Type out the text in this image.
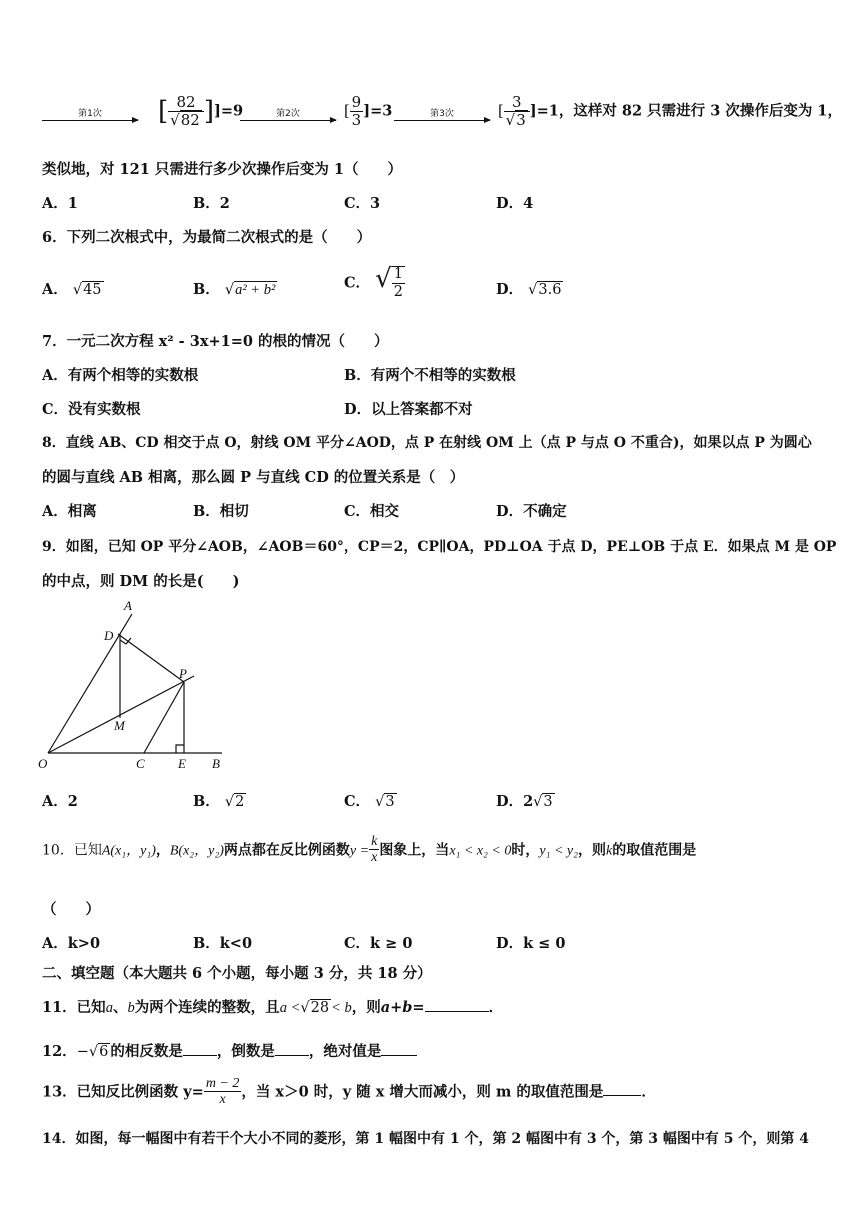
第1次	[ $\frac{82}{√82} ]]=9$	第2次	[ $\frac{9}{3} ]=3$	第3次	[ $\frac{3}{√3} ]=1$，这样对 82 只需进行 3 次操作后变为 1，
类似地，对 121 只需进行多少次操作后变为 1（　　）
A．1	B．2	C．3	D．4
6．下列二次根式中，为最简二次根式的是（　　）
A． √45	B． √a² + b²	C． √ $\frac{1}{2}$	D． √3.6
7．一元二次方程 x² - 3x+1=0 的根的情况（　　）
A．有两个相等的实数根	B．有两个不相等的实数根
C．没有实数根	D．以上答案都不对
8．直线 AB、CD 相交于点 O，射线 OM 平分∠AOD，点 P 在射线 OM 上（点 P 与点 O 不重合)，如果以点 P 为圆心
的圆与直线 AB 相离，那么圆 P 与直线 CD 的位置关系是（　）
A．相离	B．相切	C．相交	D．不确定
9．如图，已知 OP 平分∠AOB，∠AOB＝60°，CP＝2，CP∥OA，PD⊥OA 于点 D，PE⊥OB 于点 E．如果点 M 是 OP
的中点，则 DM 的长是(　　)
A
D
P
M
O	C	E B
A．2	B． √2	C． √3	D．2√3
10．已知A(x₁，y₁)，B(x₂，y₂)两点都在反比例函数$y = \frac{k}{x}$ 图象上，当x₁ < x₂ < 0时，y₁ < y₂，则k的取值范围是
（　　）
A．k>0	B．k<0	C．k ≥ 0	D．k ≤ 0
二、填空题（本大题共 6 个小题，每小题 3 分，共 18 分）
11．已知a、b为两个连续的整数，且a <√28 < b，则a+b=	．
12．−√6 的相反数是 ，倒数是 ，绝对值是
13．已知反比例函数 $y= \frac{m - 2}{x}$ ，当 x＞0 时，y 随 x 增大而减小，则 m 的取值范围是	．
14．如图，每一幅图中有若干个大小不同的菱形，第 1 幅图中有 1 个，第 2 幅图中有 3 个，第 3 幅图中有 5 个，则第 4
